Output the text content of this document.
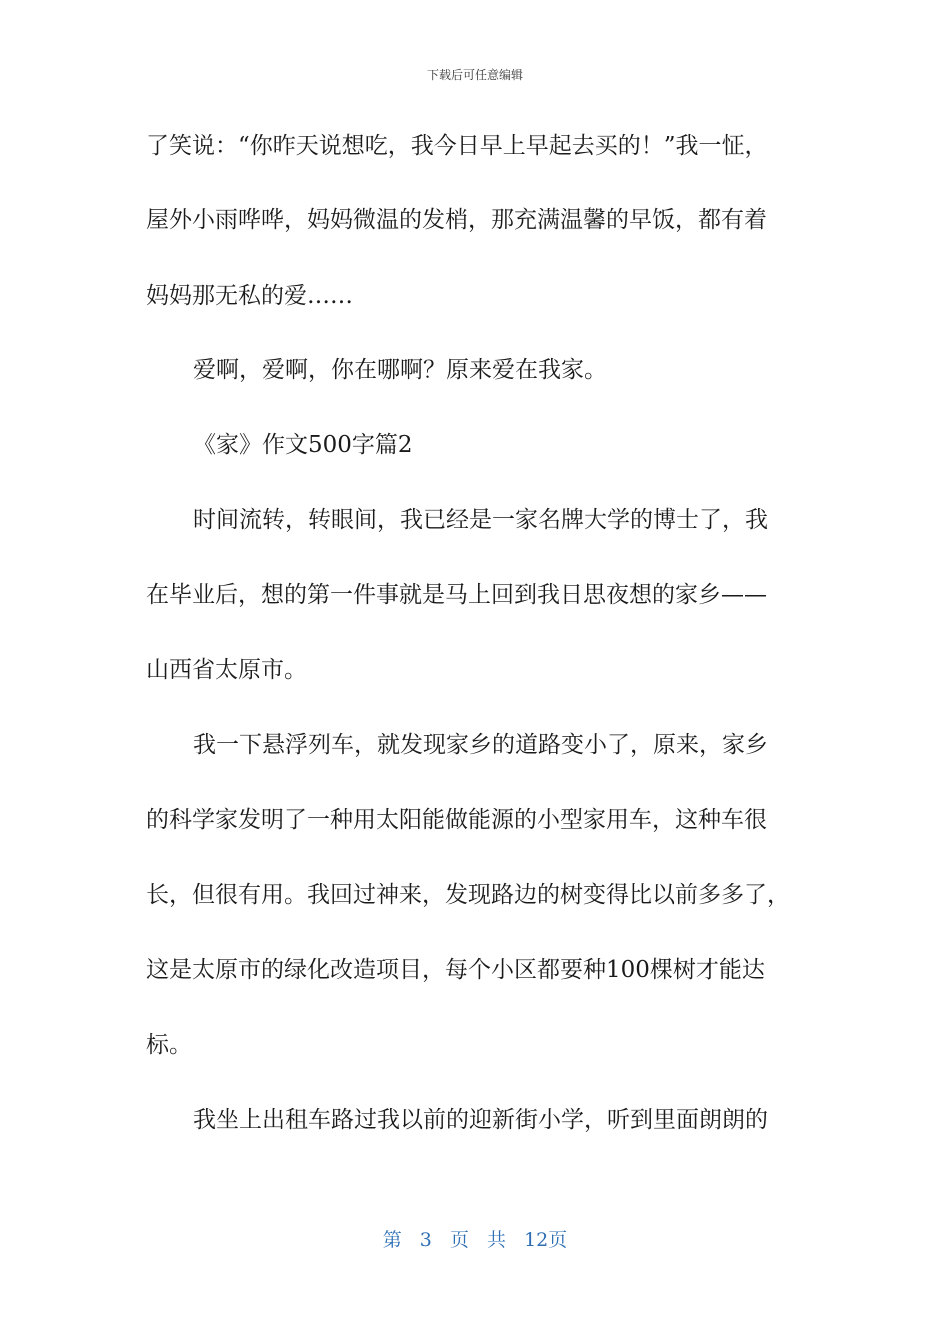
下载后可任意编辑
了笑说：“你昨天说想吃，我今日早上早起去买的！”我一怔，
屋外小雨哗哗，妈妈微温的发梢，那充满温馨的早饭，都有着
妈妈那无私的爱……
爱啊，爱啊，你在哪啊？原来爱在我家。
《家》作文500字篇2
时间流转，转眼间，我已经是一家名牌大学的博士了，我
在毕业后，想的第一件事就是马上回到我日思夜想的家乡——
山西省太原市。
我一下悬浮列车，就发现家乡的道路变小了，原来，家乡
的科学家发明了一种用太阳能做能源的小型家用车，这种车很
长，但很有用。我回过神来，发现路边的树变得比以前多多了，
这是太原市的绿化改造项目，每个小区都要种100棵树才能达
标。
我坐上出租车路过我以前的迎新街小学，听到里面朗朗的
第 3 页 共 12页
